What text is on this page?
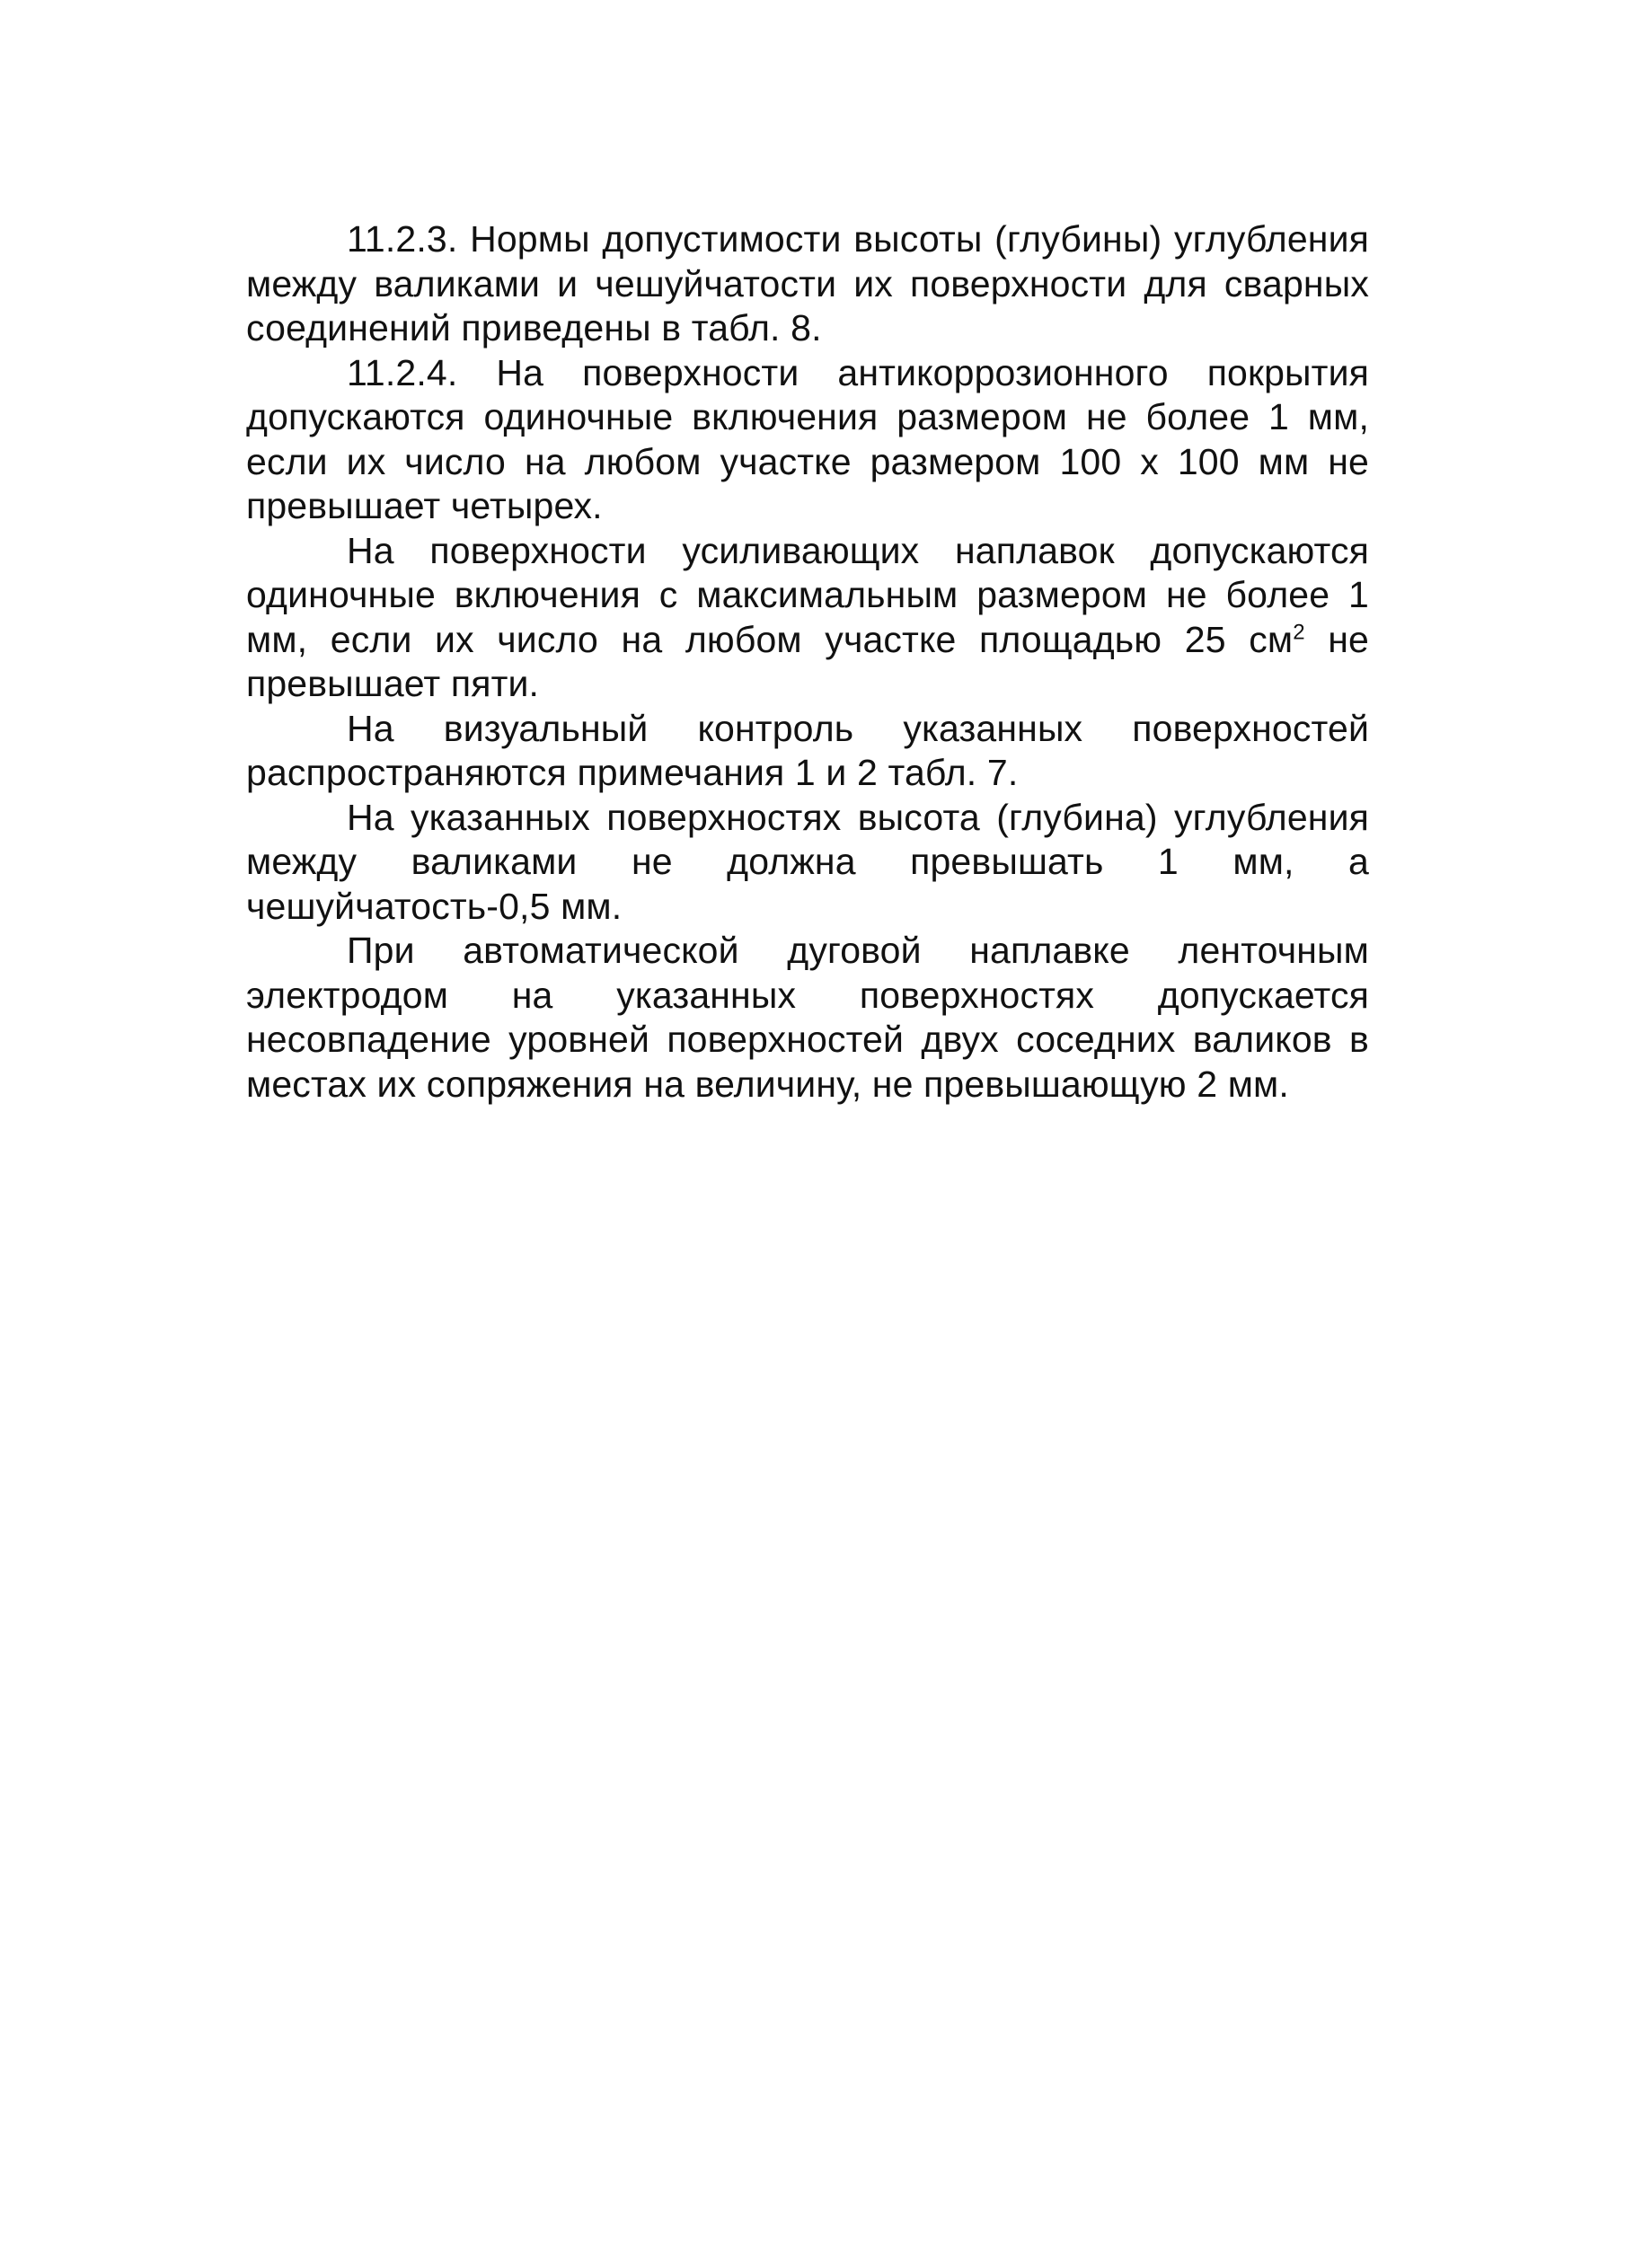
11.2.3. Нормы допустимости высоты (глубины) углубления между валиками и чешуйчатости их поверхности для сварных соединений приведены в табл. 8.

11.2.4. На поверхности антикоррозионного покрытия допускаются одиночные включения размером не более 1 мм, если их число на любом участке размером 100 х 100 мм не превышает четырех.

На поверхности усиливающих наплавок допускаются одиночные включения с максимальным размером не более 1 мм, если их число на любом участке площадью 25 $см^2$ не превышает пяти.

На визуальный контроль указанных поверхностей распространяются примечания 1 и 2 табл. 7.

На указанных поверхностях высота (глубина) углубления между валиками не должна превышать 1 мм, а чешуйчатость-0,5 мм.

При автоматической дуговой наплавке ленточным электродом на указанных поверхностях допускается несовпадение уровней поверхностей двух соседних валиков в местах их сопряжения на величину, не превышающую 2 мм.
